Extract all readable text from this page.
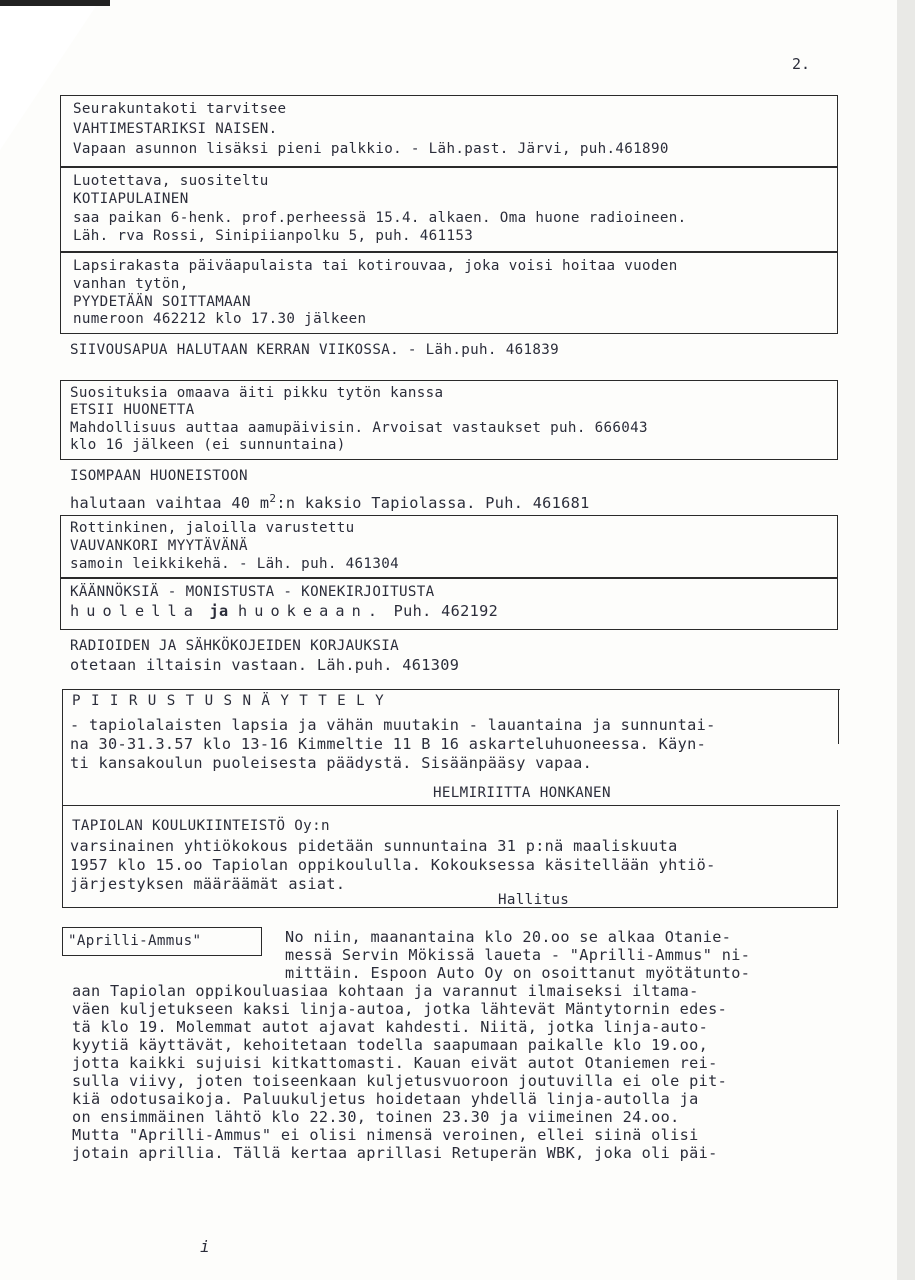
2.
Seurakuntakoti tarvitsee
VAHTIMESTARIKSI NAISEN.
Vapaan asunnon lisäksi pieni palkkio. - Läh.past. Järvi, puh.461890
Luotettava, suositeltu
KOTIAPULAINEN
saa paikan 6-henk. prof.perheessä 15.4. alkaen. Oma huone radioineen.
Läh. rva Rossi, Sinipiianpolku 5, puh. 461153
Lapsirakasta päiväapulaista tai kotirouvaa, joka voisi hoitaa vuoden
vanhan tytön,
PYYDETÄÄN SOITTAMAAN
numeroon 462212 klo 17.30 jälkeen
SIIVOUSAPUA HALUTAAN KERRAN VIIKOSSA. - Läh.puh. 461839
Suosituksia omaava äiti pikku tytön kanssa
ETSII HUONETTA
Mahdollisuus auttaa aamupäivisin. Arvoisat vastaukset puh. 666043
klo 16 jälkeen (ei sunnuntaina)
ISOMPAAN HUONEISTOON
halutaan vaihtaa 40 $m^2:n$ kaksio Tapiolassa. Puh. 461681
Rottinkinen, jaloilla varustettu
VAUVANKORI MYYTÄVÄNÄ
samoin leikkikehä. - Läh. puh. 461304
KÄÄNNÖKSIÄ - MONISTUSTA - KONEKIRJOITUSTA
huolella ja huokeaan. Puh. 462192
RADIOIDEN JA SÄHKÖKOJEIDEN KORJAUKSIA
otetaan iltaisin vastaan. Läh.puh. 461309
PIIRUSTUSNÄYTTELY
- tapiolalaisten lapsia ja vähän muutakin - lauantaina ja sunnuntai-
na 30-31.3.57 klo 13-16 Kimmeltie 11 B 16 askarteluhuoneessa. Käyn-
ti kansakoulun puoleisesta päädystä. Sisäänpääsy vapaa.
HELMIRIITTA HONKANEN
TAPIOLAN KOULUKIINTEISTÖ Oy:n
varsinainen yhtiökokous pidetään sunnuntaina 31 p:nä maaliskuuta
1957 klo 15.oo Tapiolan oppikoululla. Kokouksessa käsitellään yhtiö-
järjestyksen määräämät asiat.
Hallitus
"Aprilli-Ammus"	No niin, maanantaina klo 20.oo se alkaa Otanie-
messä Servin Mökissä laueta - "Aprilli-Ammus" ni-
mittäin. Espoon Auto Oy on osoittanut myötätunto-
aan Tapiolan oppikouluasiaa kohtaan ja varannut ilmaiseksi iltama-
väen kuljetukseen kaksi linja-autoa, jotka lähtevät Mäntytornin edes-
tä klo 19. Molemmat autot ajavat kahdesti. Niitä, jotka linja-auto-
kyytiä käyttävät, kehoitetaan todella saapumaan paikalle klo 19.oo,
jotta kaikki sujuisi kitkattomasti. Kauan eivät autot Otaniemen rei-
sulla viivy, joten toiseenkaan kuljetusvuoroon joutuvilla ei ole pit-
kiä odotusaikoja. Paluukuljetus hoidetaan yhdellä linja-autolla ja
on ensimmäinen lähtö klo 22.30, toinen 23.30 ja viimeinen 24.oo.
Mutta "Aprilli-Ammus" ei olisi nimensä veroinen, ellei siinä olisi
jotain aprillia. Tällä kertaa aprillasi Retuperän WBK, joka oli päi-
i
